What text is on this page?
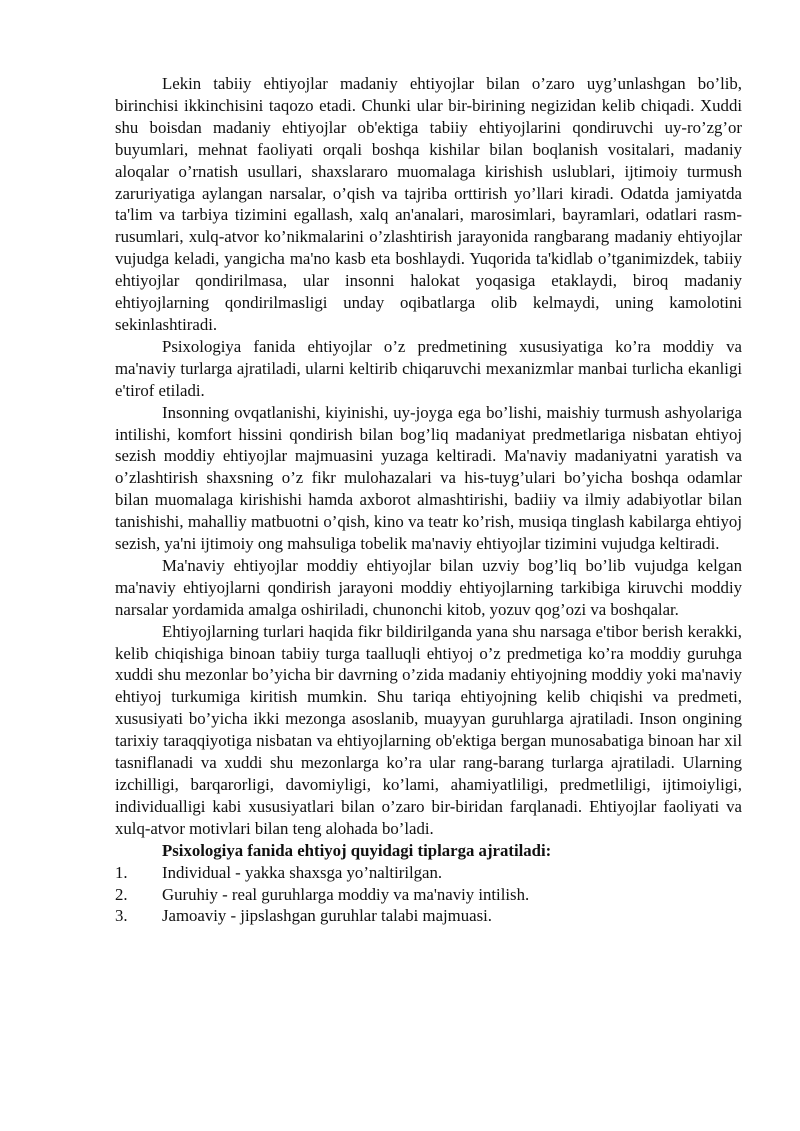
Lekin tabiiy ehtiyojlar madaniy ehtiyojlar bilan o’zaro uyg’unlashgan bo’lib, birinchisi ikkinchisini taqozo etadi. Chunki ular bir-birining negizidan kelib chiqadi. Xuddi shu boisdan madaniy ehtiyojlar ob'ektiga tabiiy ehtiyojlarini qondiruvchi uy-ro’zg’or buyumlari, mehnat faoliyati orqali boshqa kishilar bilan boqlanish vositalari, madaniy aloqalar o’rnatish usullari, shaxslararo muomalaga kirishish uslublari, ijtimoiy turmush zaruriyatiga aylangan narsalar, o’qish va tajriba orttirish yo’llari kiradi. Odatda jamiyatda ta'lim va tarbiya tizimini egallash, xalq an'analari, marosimlari, bayramlari, odatlari rasm-rusumlari, xulq-atvor ko’nikmalarini o’zlashtirish jarayonida rangbarang madaniy ehtiyojlar vujudga keladi, yangicha ma'no kasb eta boshlaydi. Yuqorida ta'kidlab o’tganimizdek, tabiiy ehtiyojlar qondirilmasa, ular insonni halokat yoqasiga etaklaydi, biroq madaniy ehtiyojlarning qondirilmasligi unday oqibatlarga olib kelmaydi, uning kamolotini sekinlashtiradi.

Psixologiya fanida ehtiyojlar o’z predmetining xususiyatiga ko’ra moddiy va ma'naviy turlarga ajratiladi, ularni keltirib chiqaruvchi mexanizmlar manbai turlicha ekanligi e'tirof etiladi.

Insonning ovqatlanishi, kiyinishi, uy-joyga ega bo’lishi, maishiy turmush ashyolariga intilishi, komfort hissini qondirish bilan bog’liq madaniyat predmetlariga nisbatan ehtiyoj sezish moddiy ehtiyojlar majmuasini yuzaga keltiradi. Ma'naviy madaniyatni yaratish va o’zlashtirish shaxsning o’z fikr mulohazalari va his-tuyg’ulari bo’yicha boshqa odamlar bilan muomalaga kirishishi hamda axborot almashtirishi, badiiy va ilmiy adabiyotlar bilan tanishishi, mahalliy matbuotni o’qish, kino va teatr ko’rish, musiqa tinglash kabilarga ehtiyoj sezish, ya'ni ijtimoiy ong mahsuliga tobelik ma'naviy ehtiyojlar tizimini vujudga keltiradi.

Ma'naviy ehtiyojlar moddiy ehtiyojlar bilan uzviy bog’liq bo’lib vujudga kelgan ma'naviy ehtiyojlarni qondirish jarayoni moddiy ehtiyojlarning tarkibiga kiruvchi moddiy narsalar yordamida amalga oshiriladi, chunonchi kitob, yozuv qog’ozi va boshqalar.

Ehtiyojlarning turlari haqida fikr bildirilganda yana shu narsaga e'tibor berish kerakki, kelib chiqishiga binoan tabiiy turga taalluqli ehtiyoj o’z predmetiga ko’ra moddiy guruhga xuddi shu mezonlar bo’yicha bir davrning o’zida madaniy ehtiyojning moddiy yoki ma'naviy ehtiyoj turkumiga kiritish mumkin. Shu tariqa ehtiyojning kelib chiqishi va predmeti, xususiyati bo’yicha ikki mezonga asoslanib, muayyan guruhlarga ajratiladi. Inson ongining tarixiy taraqqiyotiga nisbatan va ehtiyojlarning ob'ektiga bergan munosabatiga binoan har xil tasniflanadi va xuddi shu mezonlarga ko’ra ular rang-barang turlarga ajratiladi. Ularning izchilligi, barqarorligi, davomiyligi, ko’lami, ahamiyatliligi, predmetliligi, ijtimoiyligi, individualligi kabi xususiyatlari bilan o’zaro bir-biridan farqlanadi. Ehtiyojlar faoliyati va xulq-atvor motivlari bilan teng alohada bo’ladi.

Psixologiya fanida ehtiyoj quyidagi tiplarga ajratiladi:

1.	Individual - yakka shaxsga yo’naltirilgan.
2.	Guruhiy - real guruhlarga moddiy va ma'naviy intilish.
3.	Jamoaviy - jipslashgan guruhlar talabi majmuasi.
